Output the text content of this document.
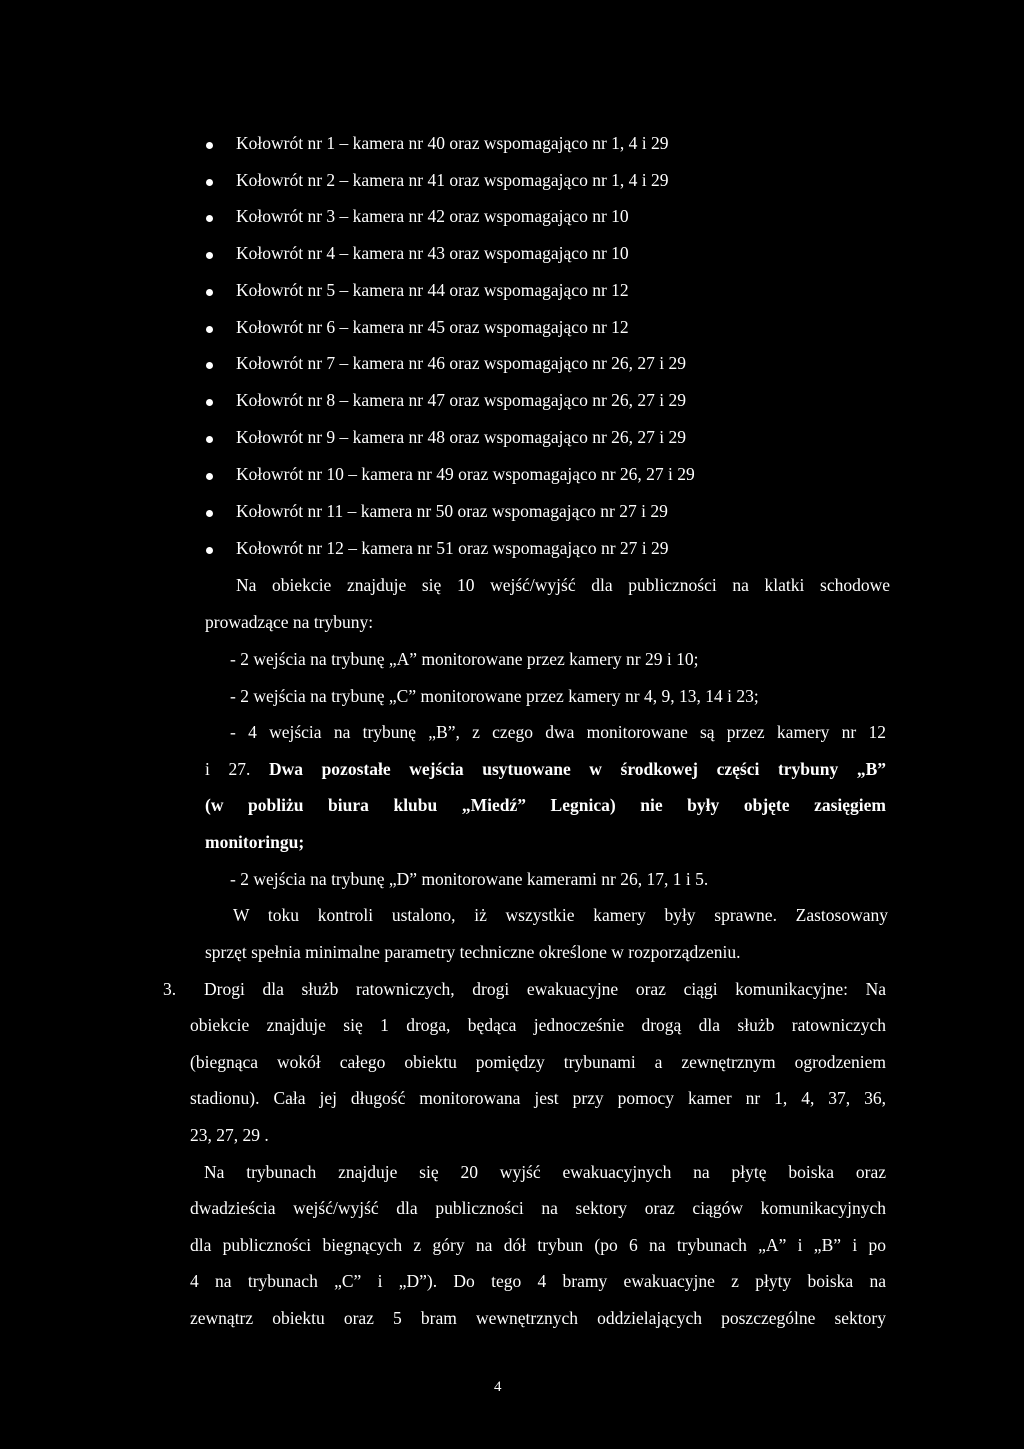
Kołowrót nr 1 – kamera nr 40 oraz wspomagająco nr 1, 4 i 29
Kołowrót nr 2 – kamera nr 41 oraz wspomagająco nr 1, 4 i 29
Kołowrót nr 3 – kamera nr 42 oraz wspomagająco nr 10
Kołowrót nr 4 – kamera nr 43 oraz wspomagająco nr 10
Kołowrót nr 5 – kamera nr 44 oraz wspomagająco nr 12
Kołowrót nr 6 – kamera nr 45 oraz wspomagająco nr 12
Kołowrót nr 7 – kamera nr 46 oraz wspomagająco nr 26, 27 i 29
Kołowrót nr 8 – kamera nr 47 oraz wspomagająco nr 26, 27 i 29
Kołowrót nr 9 – kamera nr 48 oraz wspomagająco nr 26, 27 i 29
Kołowrót nr 10 – kamera nr 49 oraz wspomagająco nr 26, 27 i 29
Kołowrót nr 11 – kamera nr 50 oraz wspomagająco nr 27 i 29
Kołowrót nr 12 – kamera nr 51 oraz wspomagająco nr 27 i 29
Na obiekcie znajduje się 10 wejść/wyjść dla publiczności na klatki schodowe
prowadzące na trybuny:
- 2 wejścia na trybunę „A” monitorowane przez kamery nr 29 i 10;
- 2 wejścia na trybunę „C” monitorowane przez kamery nr 4, 9, 13, 14 i 23;
- 4 wejścia na trybunę „B”, z czego dwa monitorowane są przez kamery nr 12
i 27. Dwa pozostałe wejścia usytuowane w środkowej części trybuny „B”
(w pobliżu biura klubu „Miedź” Legnica) nie były objęte zasięgiem
monitoringu;
- 2 wejścia na trybunę „D” monitorowane kamerami nr 26, 17, 1 i 5.
W toku kontroli ustalono, iż wszystkie kamery były sprawne. Zastosowany
sprzęt spełnia minimalne parametry techniczne określone w rozporządzeniu.
3. Drogi dla służb ratowniczych, drogi ewakuacyjne oraz ciągi komunikacyjne: Na
obiekcie znajduje się 1 droga, będąca jednocześnie drogą dla służb ratowniczych
(biegnąca wokół całego obiektu pomiędzy trybunami a zewnętrznym ogrodzeniem
stadionu). Cała jej długość monitorowana jest przy pomocy kamer nr 1, 4, 37, 36,
23, 27, 29 .
Na trybunach znajduje się 20 wyjść ewakuacyjnych na płytę boiska oraz
dwadzieścia wejść/wyjść dla publiczności na sektory oraz ciągów komunikacyjnych
dla publiczności biegnących z góry na dół trybun (po 6 na trybunach „A” i „B” i po
4 na trybunach „C” i „D”). Do tego 4 bramy ewakuacyjne z płyty boiska na
zewnątrz obiektu oraz 5 bram wewnętrznych oddzielających poszczególne sektory
4
